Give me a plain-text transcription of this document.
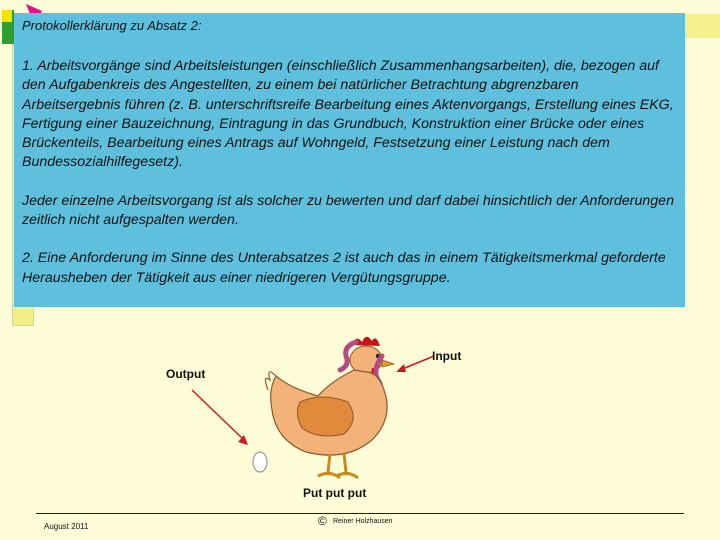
Protokollerklärung zu Absatz 2:

1. Arbeitsvorgänge sind Arbeitsleistungen (einschließlich Zusammenhangsarbeiten), die, bezogen auf den Aufgabenkreis des Angestellten, zu einem bei natürlicher Betrachtung abgrenzbaren Arbeitsergebnis führen (z. B. unterschriftsreife Bearbeitung eines Aktenvorgangs, Erstellung eines EKG, Fertigung einer Bauzeichnung, Eintragung in das Grundbuch, Konstruktion einer Brücke oder eines Brückenteils, Bearbeitung eines Antrags auf Wohngeld, Festsetzung einer Leistung nach dem Bundessozialhilfegesetz).

Jeder einzelne Arbeitsvorgang ist als solcher zu bewerten und darf dabei hinsichtlich der Anforderungen zeitlich nicht aufgespalten werden.

2. Eine Anforderung im Sinne des Unterabsatzes 2 ist auch das in einem Tätigkeitsmerkmal geforderte Herausheben der Tätigkeit aus einer niedrigeren Vergütungsgruppe.

Input
Output
Put put put
August 2011	© Reiner Holzhausen
